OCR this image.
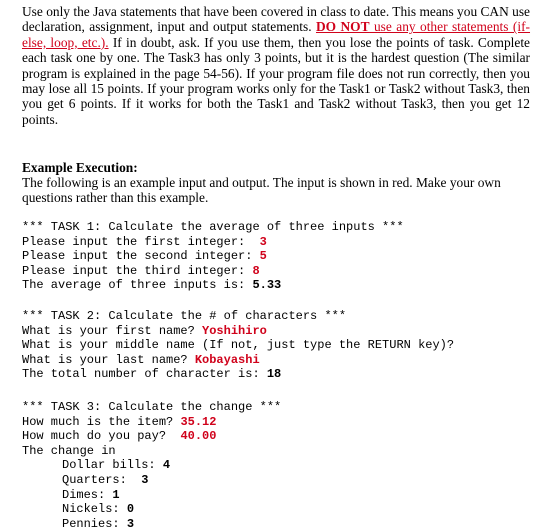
Use only the Java statements that have been covered in class to date. This means you CAN use declaration, assignment, input and output statements. DO NOT use any other statements (if-else, loop, etc.). If in doubt, ask. If you use them, then you lose the points of task. Complete each task one by one. The Task3 has only 3 points, but it is the hardest question (The similar program is explained in the page 54-56). If your program file does not run correctly, then you may lose all 15 points. If your program works only for the Task1 or Task2 without Task3, then you get 6 points. If it works for both the Task1 and Task2 without Task3, then you get 12 points.

Example Execution:

The following is an example input and output. The input is shown in red. Make your own questions rather than this example.

*** TASK 1: Calculate the average of three inputs ***
Please input the first integer:  3
Please input the second integer: 5
Please input the third integer: 8
The average of three inputs is: 5.33
*** TASK 2: Calculate the # of characters ***
What is your first name? Yoshihiro
What is your middle name (If not, just type the RETURN key)?
What is your last name? Kobayashi
The total number of character is: 18
*** TASK 3: Calculate the change ***
How much is the item? 35.12
How much do you pay?  40.00
The change in
Dollar bills: 4
Quarters:  3
Dimes: 1
Nickels: 0
Pennies: 3
